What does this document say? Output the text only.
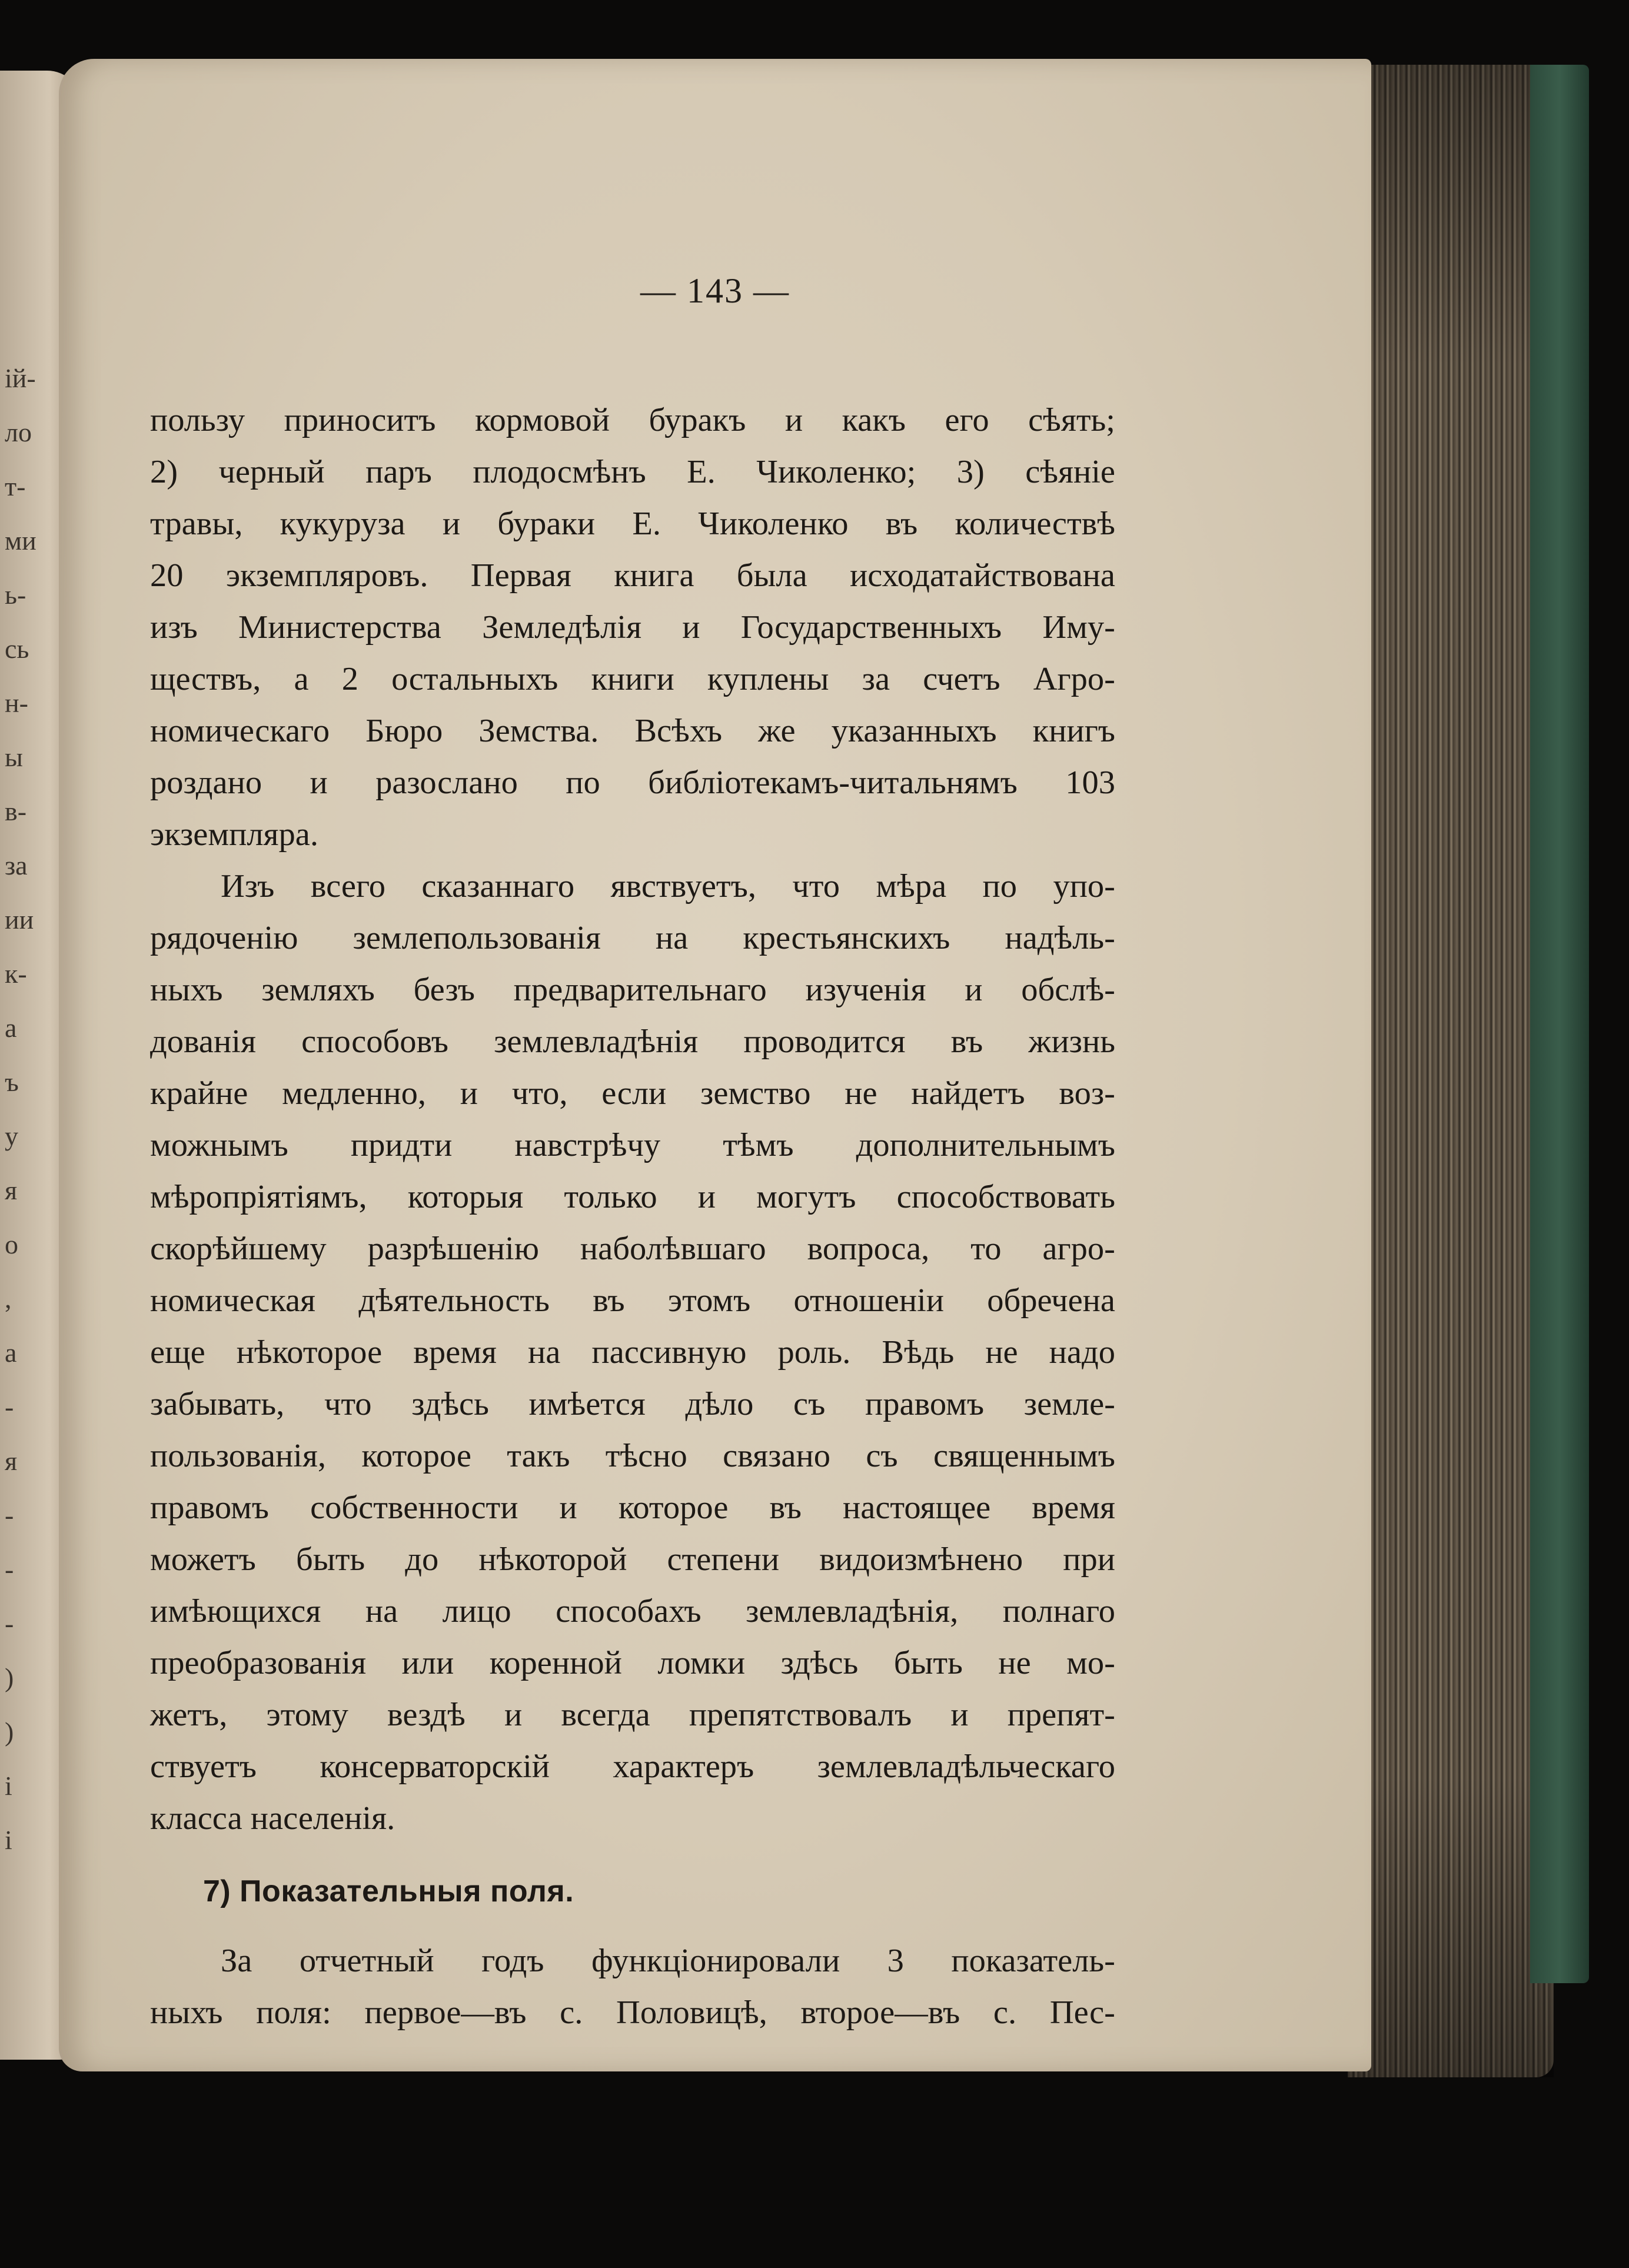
ій-
ло
т-
ми
ь-
сь
н-
ы
в-
за
ии
к-
а
ъ
у
я
о
,
а
-
я
-
-
-
)
)
і
і
— 143 —
пользу приноситъ кормовой буракъ и какъ его сѣять;
2) черный паръ плодосмѣнъ Е. Чиколенко; 3) сѣяніе
травы, кукуруза и бураки Е. Чиколенко въ количествѣ
20 экземпляровъ. Первая книга была исходатайствована
изъ Министерства Земледѣлія и Государственныхъ Иму-
ществъ, а 2 остальныхъ книги куплены за счетъ Агро-
номическаго Бюро Земства. Всѣхъ же указанныхъ книгъ
роздано и разослано по библіотекамъ-читальнямъ 103
экземпляра.
Изъ всего сказаннаго явствуетъ, что мѣра по упо-
рядоченію землепользованія на крестьянскихъ надѣль-
ныхъ земляхъ безъ предварительнаго изученія и обслѣ-
дованія способовъ землевладѣнія проводится въ жизнь
крайне медленно, и что, если земство не найдетъ воз-
можнымъ придти навстрѣчу тѣмъ дополнительнымъ
мѣропріятіямъ, которыя только и могутъ способствовать
скорѣйшему разрѣшенію наболѣвшаго вопроса, то агро-
номическая дѣятельность въ этомъ отношеніи обречена
еще нѣкоторое время на пассивную роль. Вѣдь не надо
забывать, что здѣсь имѣется дѣло съ правомъ земле-
пользованія, которое такъ тѣсно связано съ священнымъ
правомъ собственности и которое въ настоящее время
можетъ быть до нѣкоторой степени видоизмѣнено при
имѣющихся на лицо способахъ землевладѣнія, полнаго
преобразованія или коренной ломки здѣсь быть не мо-
жетъ, этому вездѣ и всегда препятствовалъ и препят-
ствуетъ консерваторскій характеръ землевладѣльческаго
класса населенія.
7) Показательныя поля.
За отчетный годъ функціонировали 3 показатель-
ныхъ поля: первое—въ с. Половицѣ, второе—въ с. Пес-
